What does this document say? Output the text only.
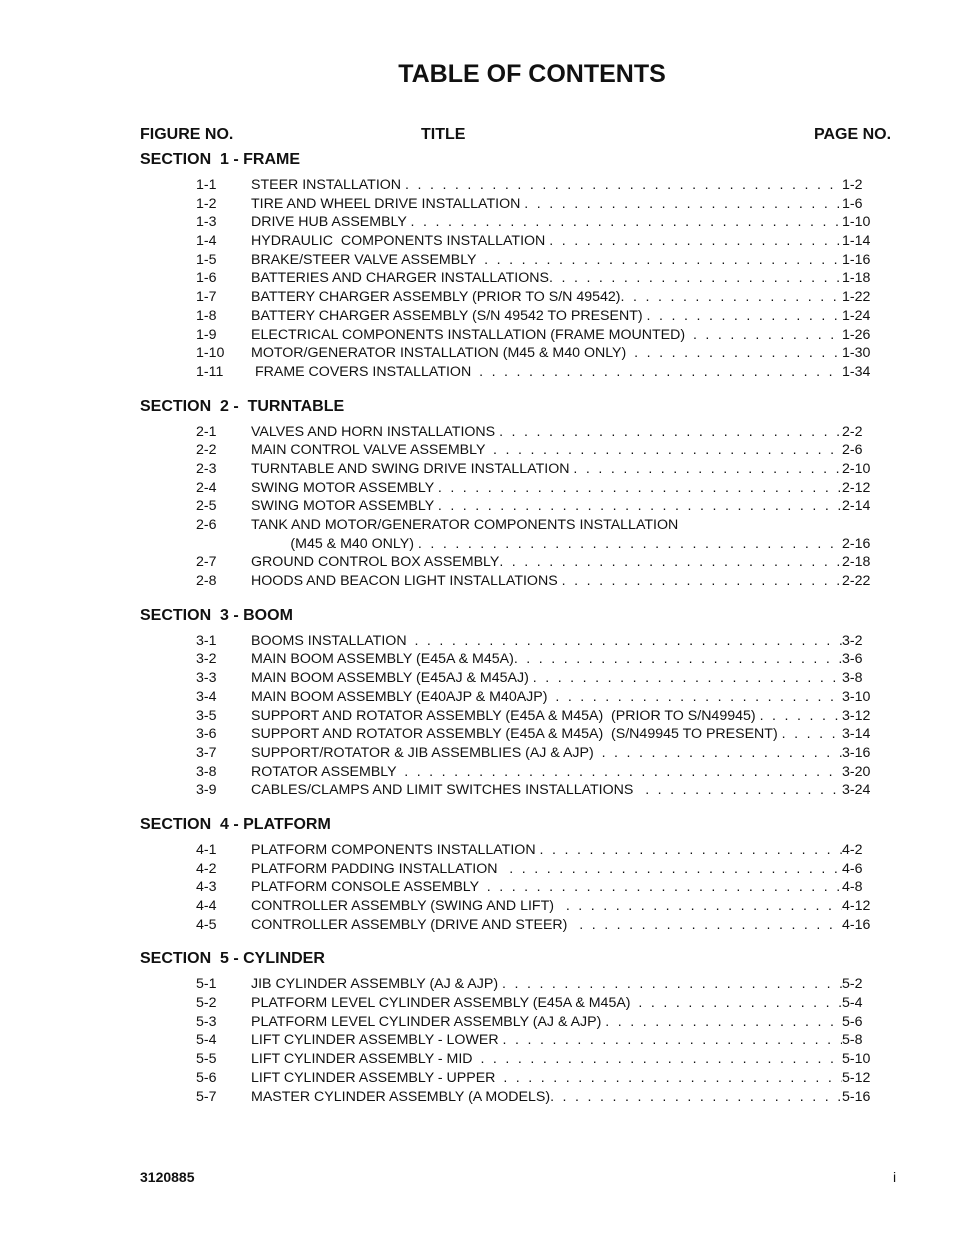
TABLE OF CONTENTS
FIGURE NO.	TITLE	PAGE NO.
SECTION  1 - FRAME
1-1 STEER INSTALLATION . . .	1-2
1-2 TIRE AND WHEEL DRIVE INSTALLATION . . .	1-6
1-3 DRIVE HUB ASSEMBLY . . .	1-10
1-4 HYDRAULIC  COMPONENTS INSTALLATION . . .	1-14
1-5 BRAKE/STEER VALVE ASSEMBLY . . .	1-16
1-6 BATTERIES AND CHARGER INSTALLATIONS . . .	1-18
1-7 BATTERY CHARGER ASSEMBLY (PRIOR TO S/N 49542) . . .	1-22
1-8 BATTERY CHARGER ASSEMBLY (S/N 49542 TO PRESENT) . . .	1-24
1-9 ELECTRICAL COMPONENTS INSTALLATION (FRAME MOUNTED) . . .	1-26
1-10 MOTOR/GENERATOR INSTALLATION (M45 & M40 ONLY) . . .	1-30
1-11 FRAME COVERS INSTALLATION . . .	1-34
SECTION  2 -  TURNTABLE
2-1 VALVES AND HORN INSTALLATIONS . . .	2-2
2-2 MAIN CONTROL VALVE ASSEMBLY . . .	2-6
2-3 TURNTABLE AND SWING DRIVE INSTALLATION . . .	2-10
2-4 SWING MOTOR ASSEMBLY . . .	2-12
2-5 SWING MOTOR ASSEMBLY . . .	2-14
2-6 TANK AND MOTOR/GENERATOR COMPONENTS INSTALLATION
(M45 & M40 ONLY) . . .	2-16
2-7 GROUND CONTROL BOX ASSEMBLY . . .	2-18
2-8 HOODS AND BEACON LIGHT INSTALLATIONS . . .	2-22
SECTION  3 - BOOM
3-1 BOOMS INSTALLATION . . .	3-2
3-2 MAIN BOOM ASSEMBLY (E45A & M45A) . . .	3-6
3-3 MAIN BOOM ASSEMBLY (E45AJ & M45AJ) . . .	3-8
3-4 MAIN BOOM ASSEMBLY (E40AJP & M40AJP) . . .	3-10
3-5 SUPPORT AND ROTATOR ASSEMBLY (E45A & M45A)  (PRIOR TO S/N49945) . . .	3-12
3-6 SUPPORT AND ROTATOR ASSEMBLY (E45A & M45A)  (S/N49945 TO PRESENT) . . .	3-14
3-7 SUPPORT/ROTATOR & JIB ASSEMBLIES (AJ & AJP) . . .	3-16
3-8 ROTATOR ASSEMBLY . . .	3-20
3-9 CABLES/CLAMPS AND LIMIT SWITCHES INSTALLATIONS . . .	3-24
SECTION  4 - PLATFORM
4-1 PLATFORM COMPONENTS INSTALLATION . . .	4-2
4-2 PLATFORM PADDING INSTALLATION . . .	4-6
4-3 PLATFORM CONSOLE ASSEMBLY . . .	4-8
4-4 CONTROLLER ASSEMBLY (SWING AND LIFT) . . .	4-12
4-5 CONTROLLER ASSEMBLY (DRIVE AND STEER) . . .	4-16
SECTION  5 - CYLINDER
5-1 JIB CYLINDER ASSEMBLY (AJ & AJP) . . .	5-2
5-2 PLATFORM LEVEL CYLINDER ASSEMBLY (E45A & M45A) . . .	5-4
5-3 PLATFORM LEVEL CYLINDER ASSEMBLY (AJ & AJP) . . .	5-6
5-4 LIFT CYLINDER ASSEMBLY - LOWER . . .	5-8
5-5 LIFT CYLINDER ASSEMBLY - MID . . .	5-10
5-6 LIFT CYLINDER ASSEMBLY - UPPER . . .	5-12
5-7 MASTER CYLINDER ASSEMBLY (A MODELS) . . .	5-16
3120885	i
